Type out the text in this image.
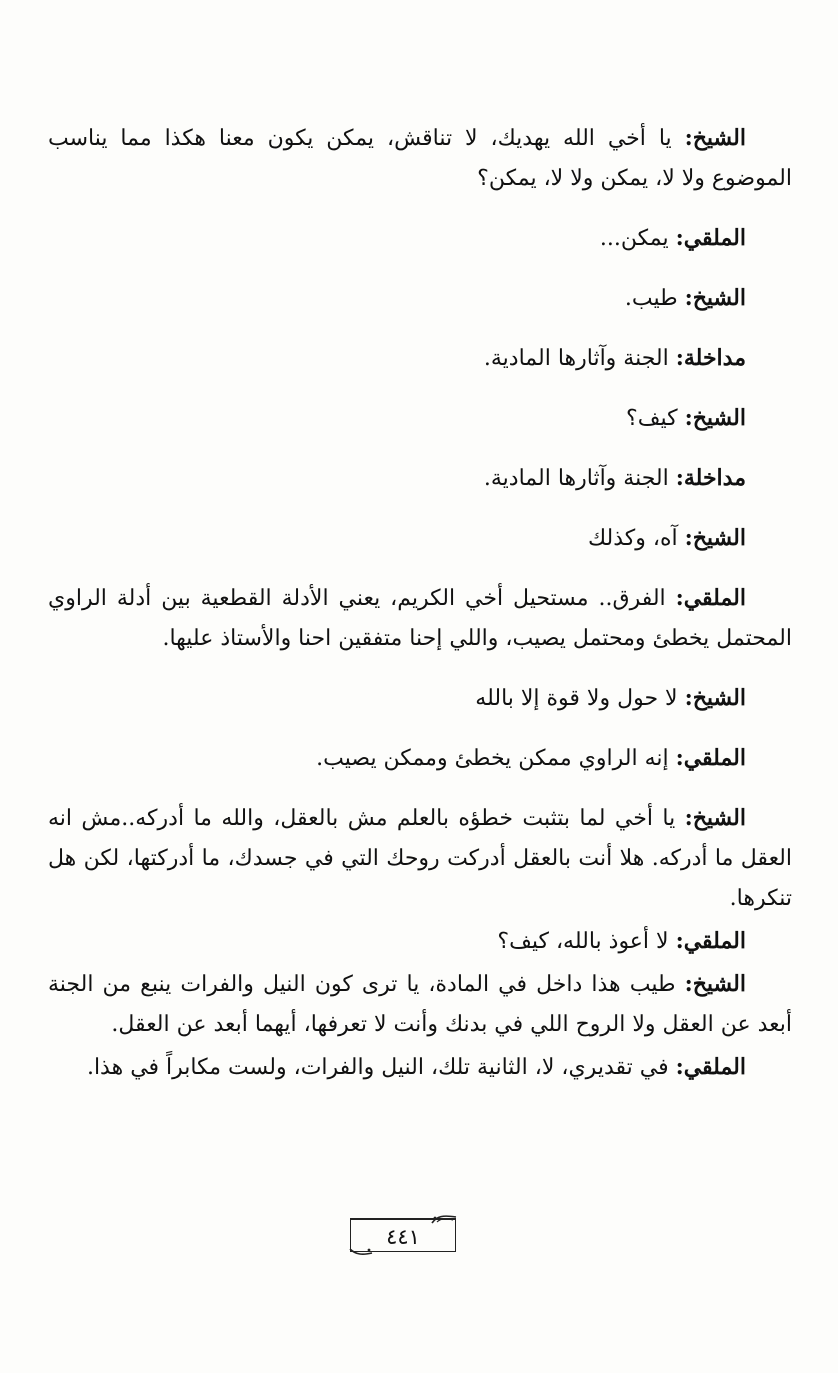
الشيخ: يا أخي الله يهديك، لا تناقش، يمكن يكون معنا هكذا مما يناسب الموضوع ولا لا، يمكن ولا لا، يمكن؟

الملقي: يمكن...

الشيخ: طيب.

مداخلة: الجنة وآثارها المادية.

الشيخ: كيف؟

مداخلة: الجنة وآثارها المادية.

الشيخ: آه، وكذلك

الملقي: الفرق.. مستحيل أخي الكريم، يعني الأدلة القطعية بين أدلة الراوي المحتمل يخطئ ومحتمل يصيب، واللي إحنا متفقين احنا والأستاذ عليها.

الشيخ: لا حول ولا قوة إلا بالله

الملقي: إنه الراوي ممكن يخطئ وممكن يصيب.

الشيخ: يا أخي لما بتثبت خطؤه بالعلم مش بالعقل، والله ما أدركه..مش انه العقل ما أدركه. هلا أنت بالعقل أدركت روحك التي في جسدك، ما أدركتها، لكن هل تنكرها.

الملقي: لا أعوذ بالله، كيف؟

الشيخ: طيب هذا داخل في المادة، يا ترى كون النيل والفرات ينبع من الجنة أبعد عن العقل ولا الروح اللي في بدنك وأنت لا تعرفها، أيهما أبعد عن العقل.

الملقي: في تقديري، لا، الثانية تلك، النيل والفرات، ولست مكابراً في هذا.

٤٤١
